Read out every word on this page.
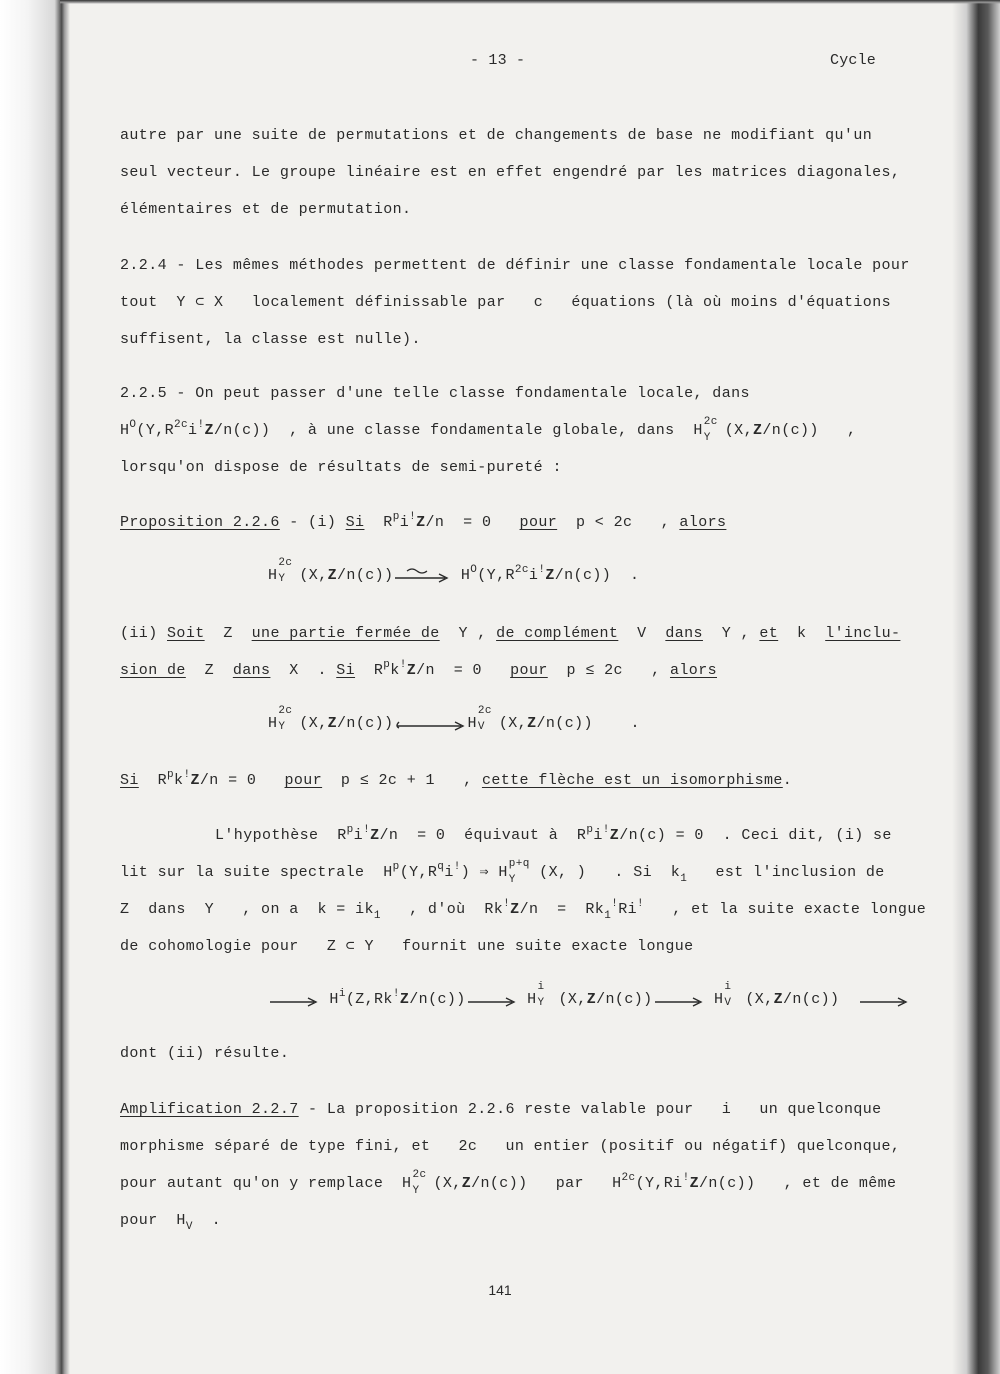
- 13 -	Cycle
autre par une suite de permutations et de changements de base ne modifiant qu'un
seul vecteur. Le groupe linéaire est en effet engendré par les matrices diagonales,
élémentaires et de permutation.
2.2.4 - Les mêmes méthodes permettent de définir une classe fondamentale locale pour
tout  Y ⊂ X   localement définissable par c équations (là où moins d'équations
suffisent, la classe est nulle).
2.2.5 - On peut passer d'une telle classe fondamentale locale, dans
$H^O(Y,R^{2c}i^!Z/n(c))$  , à une classe fondamentale globale, dans  H 2c
Y (X,Z/n(c))   ,
lorsqu'on dispose de résultats de semi-pureté :
Proposition 2.2.6 - (i) Si  $R^pi^!Z/n = 0$   pour  p < 2c   , alors
H
2c
Y (X,Z/n(c))	$H^O(Y,R^{2c}i^!Z/n(c))$  .
(ii) Soit  Z  une partie fermée de  Y , de complément  V  dans  Y , et  k  l'inclu-
sion de  Z  dans  X  . Si  $R^pk^!Z/n = 0$   pour  p ≤ 2c   , alors
H
2c
Y (X,Z/n(c))	H
2c
V (X,Z/n(c))    .
Si  $R^pk^!Z/n = 0$   pour  p ≤ 2c + 1   , cette flèche est un isomorphisme.
L'hypothèse  $R^pi^!Z/n = 0$  équivaut à  $R^pi^!Z/n(c) = 0$  . Ceci dit, (i) se
lit sur la suite spectrale  $H^p(Y,R^qi^!)$ ⇒ H p+q
Y (X, )   . Si  $k_1$ est l'inclusion de
Z  dans  Y   , on a  $k = ik_1$ , d'où  $Rk^!Z/n = Rk_1^!Ri^!$ , et la suite exacte longue
de cohomologie pour   Z ⊂ Y   fournit une suite exacte longue
$H^i(Z,Rk^!Z/n(c))$	H
i
Y (X,Z/n(c))	H
i
V (X,Z/n(c))
dont (ii) résulte.
Amplification 2.2.7 - La proposition 2.2.6 reste valable pour   i   un quelconque
morphisme séparé de type fini, et   2c   un entier (positif ou négatif) quelconque,
pour autant qu'on y remplace  H 2c
Y (X,Z/n(c))   par   $H^{2c}(Y,Ri^!Z/n(c))$   , et de même
pour  $H_V$  .
141
